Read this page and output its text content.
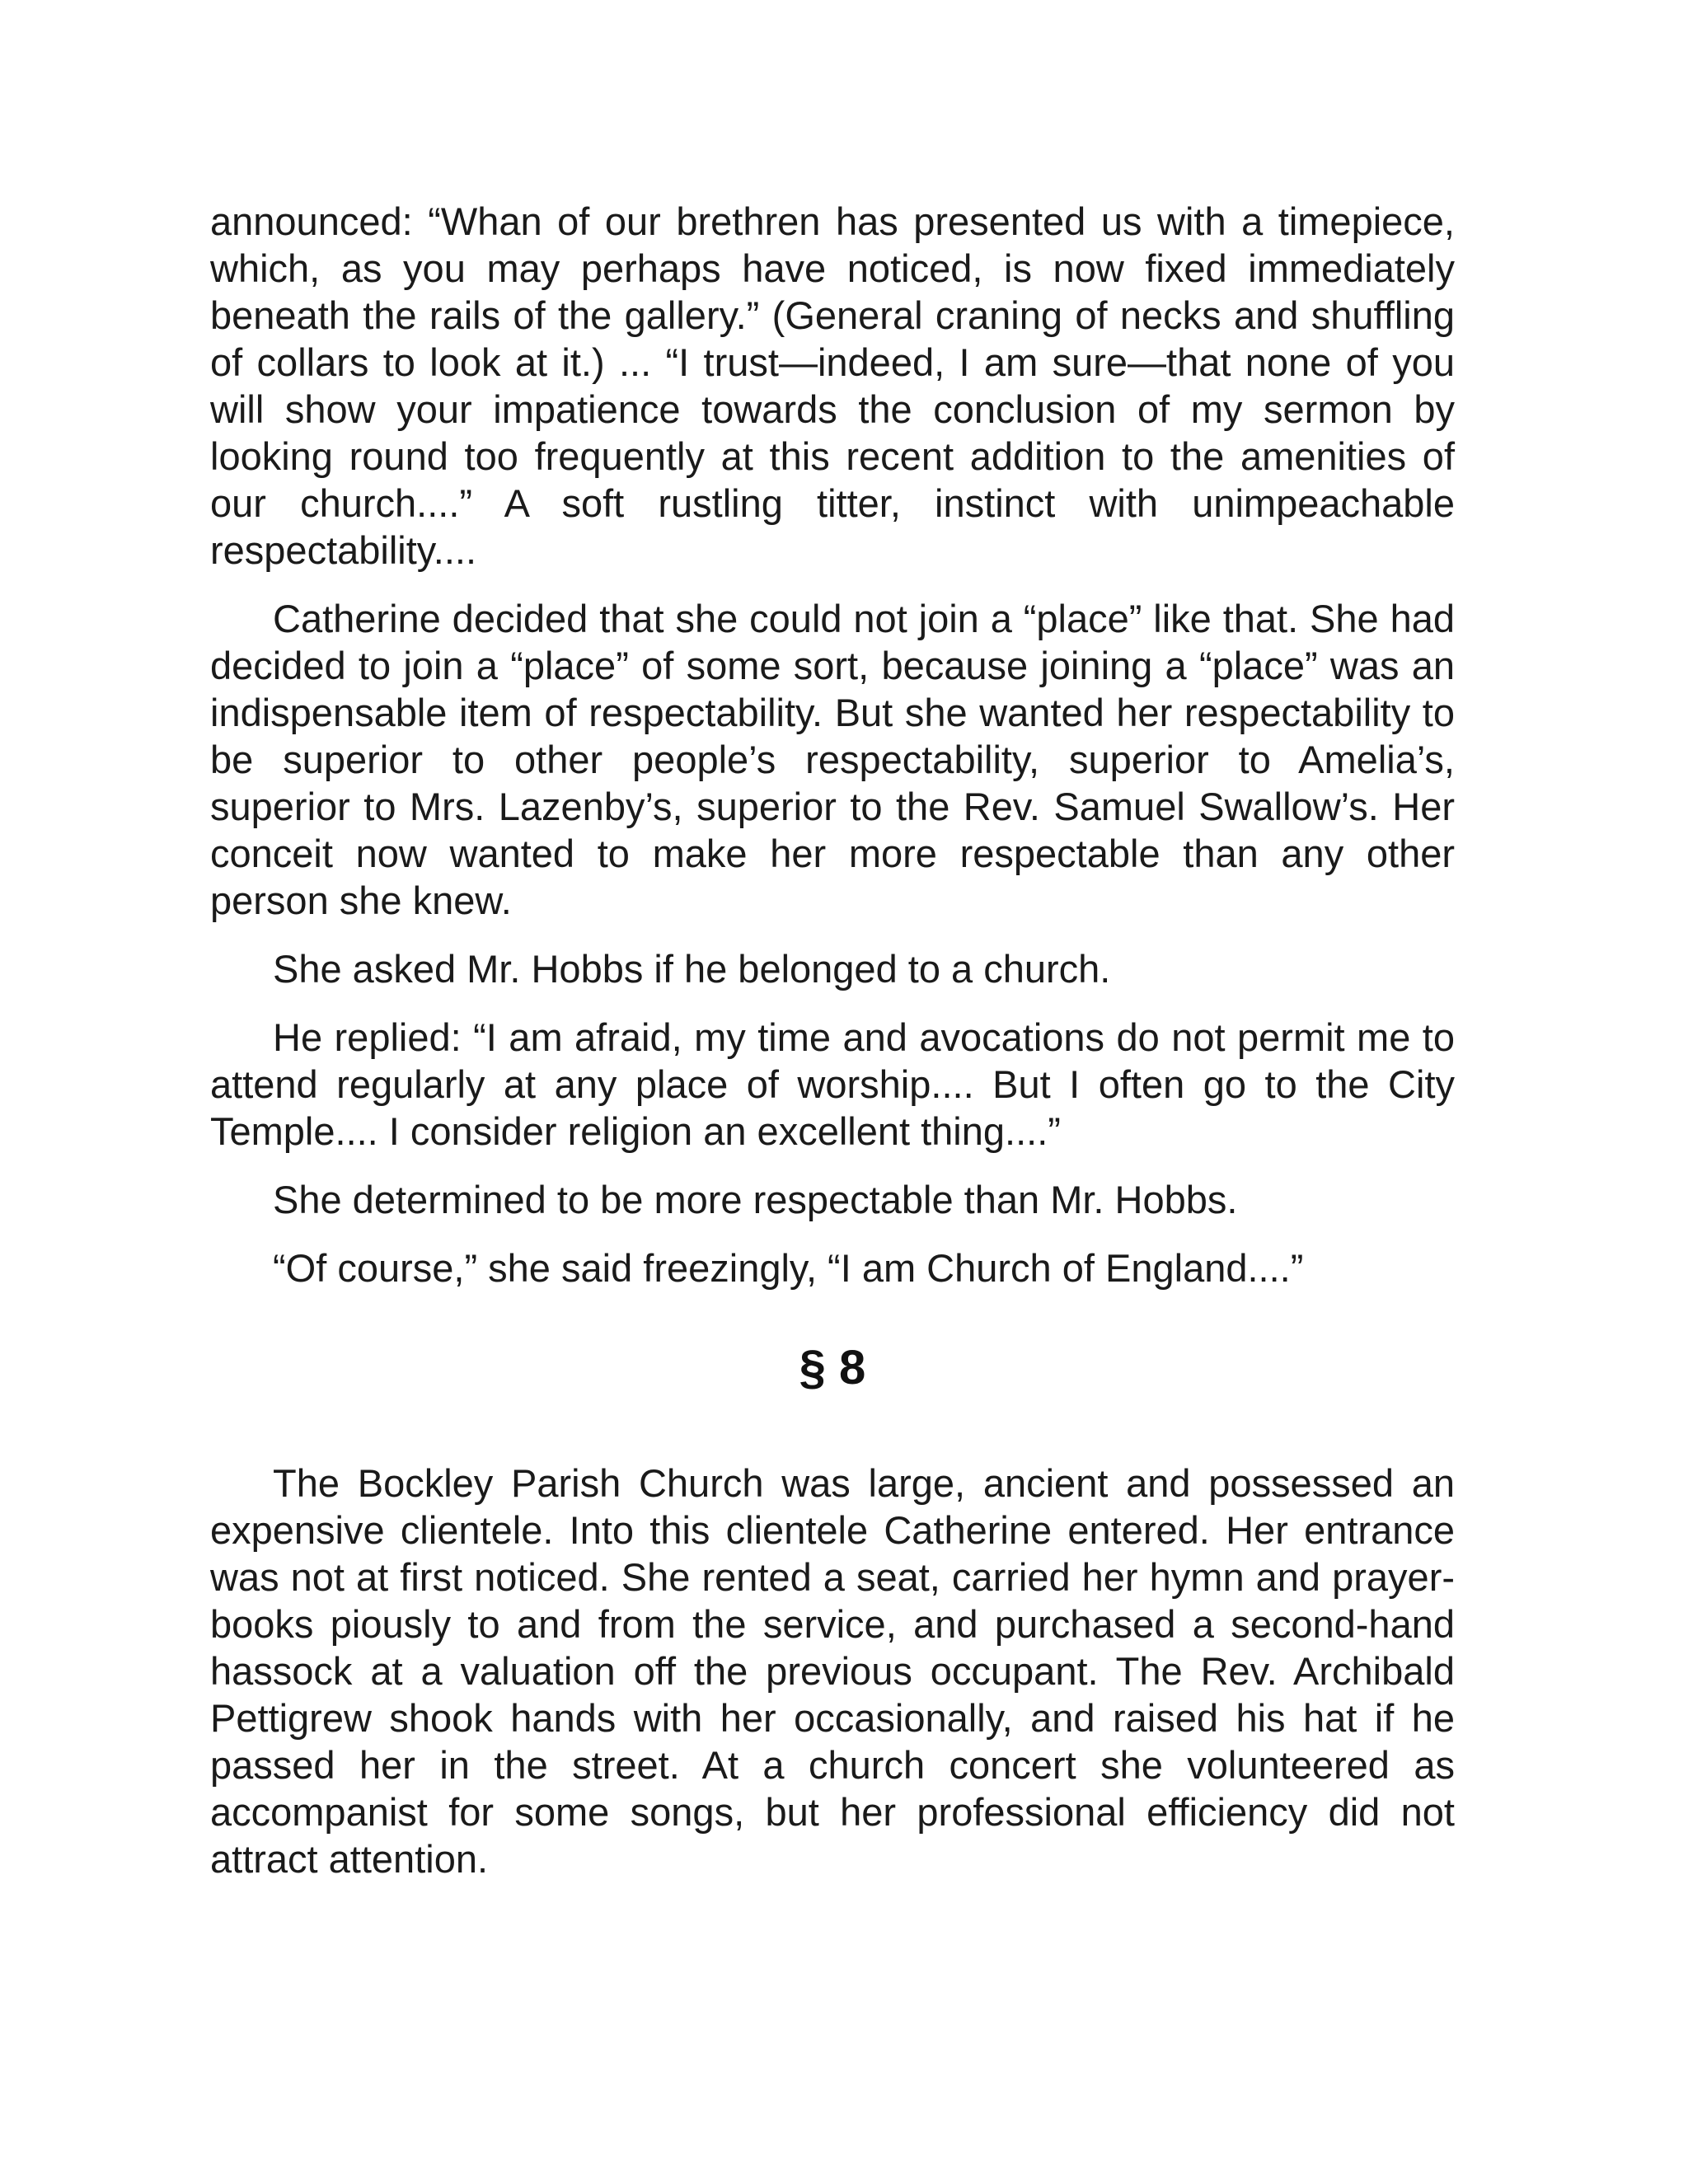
announced: “Whan of our brethren has presented us with a timepiece, which, as you may perhaps have noticed, is now fixed immediately beneath the rails of the gallery.” (General craning of necks and shuffling of collars to look at it.) ... “I trust—indeed, I am sure—that none of you will show your impatience towards the conclusion of my sermon by looking round too frequently at this recent addition to the amenities of our church....” A soft rustling titter, instinct with unimpeachable respectability....

Catherine decided that she could not join a “place” like that. She had decided to join a “place” of some sort, because joining a “place” was an indispensable item of respectability. But she wanted her respectability to be superior to other people’s respectability, superior to Amelia’s, superior to Mrs. Lazenby’s, superior to the Rev. Samuel Swallow’s. Her conceit now wanted to make her more respectable than any other person she knew.

She asked Mr. Hobbs if he belonged to a church.

He replied: “I am afraid, my time and avocations do not permit me to attend regularly at any place of worship.... But I often go to the City Temple.... I consider religion an excellent thing....”

She determined to be more respectable than Mr. Hobbs.

“Of course,” she said freezingly, “I am Church of England....”

§ 8

The Bockley Parish Church was large, ancient and possessed an expensive clientele. Into this clientele Catherine entered. Her entrance was not at first noticed. She rented a seat, carried her hymn and prayer-books piously to and from the service, and purchased a second-hand hassock at a valuation off the previous occupant. The Rev. Archibald Pettigrew shook hands with her occasionally, and raised his hat if he passed her in the street. At a church concert she volunteered as accompanist for some songs, but her professional efficiency did not attract attention.
